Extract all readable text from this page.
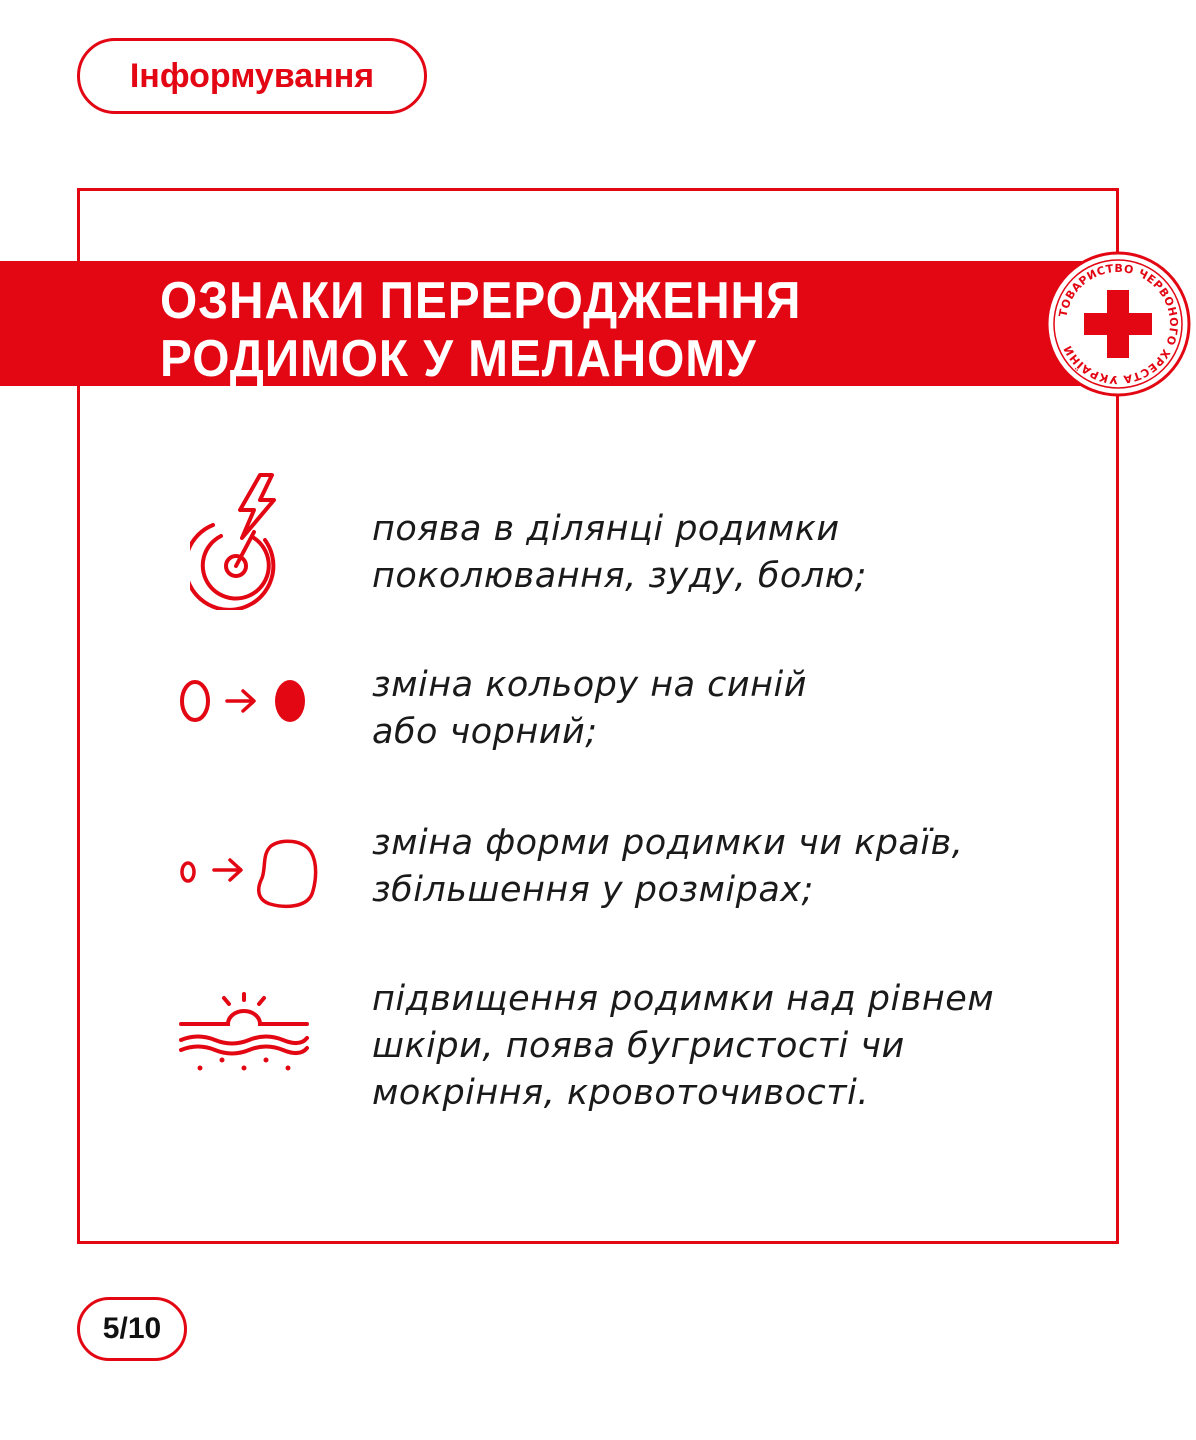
Інформування
ОЗНАКИ ПЕРЕРОДЖЕННЯ
РОДИМОК У МЕЛАНОМУ
ТОВАРИСТВО ЧЕРВОНОГО ХРЕСТА УКРАЇНИ

поява в ділянці родимки
поколювання, зуду, болю;

зміна кольору на синій
або чорний;

зміна форми родимки чи країв,
збільшення у розмірах;

підвищення родимки над рівнем
шкіри, поява бугристості чи
мокріння, кровоточивості.

5/10
